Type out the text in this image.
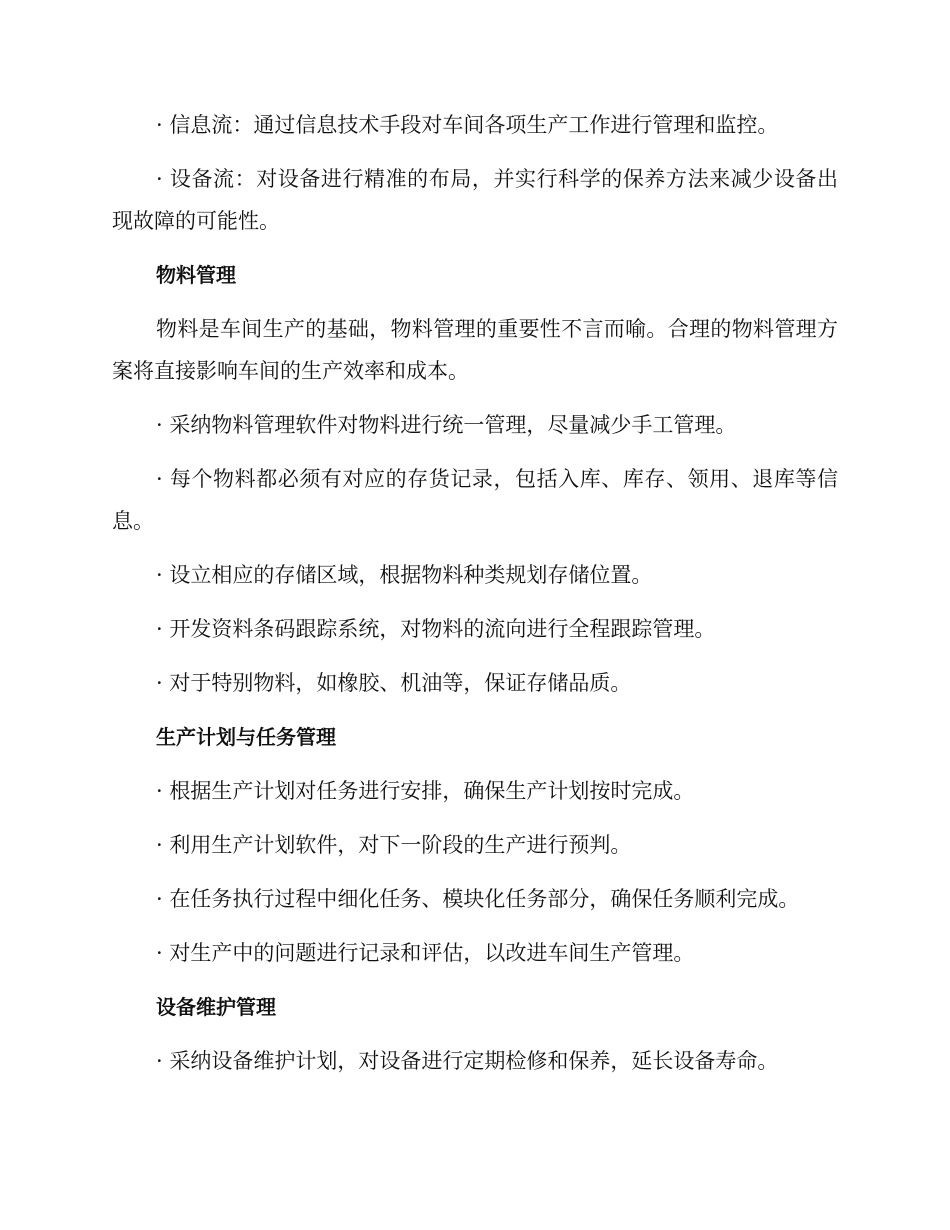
· 信息流：通过信息技术手段对车间各项生产工作进行管理和监控。

· 设备流：对设备进行精准的布局，并实行科学的保养方法来减少设备出现故障的可能性。

物料管理

物料是车间生产的基础，物料管理的重要性不言而喻。合理的物料管理方案将直接影响车间的生产效率和成本。

· 采纳物料管理软件对物料进行统一管理，尽量减少手工管理。

· 每个物料都必须有对应的存货记录，包括入库、库存、领用、退库等信息。

· 设立相应的存储区域，根据物料种类规划存储位置。

· 开发资料条码跟踪系统，对物料的流向进行全程跟踪管理。

· 对于特别物料，如橡胶、机油等，保证存储品质。

生产计划与任务管理

· 根据生产计划对任务进行安排，确保生产计划按时完成。

· 利用生产计划软件，对下一阶段的生产进行预判。

· 在任务执行过程中细化任务、模块化任务部分，确保任务顺利完成。

· 对生产中的问题进行记录和评估，以改进车间生产管理。

设备维护管理

· 采纳设备维护计划，对设备进行定期检修和保养，延长设备寿命。
